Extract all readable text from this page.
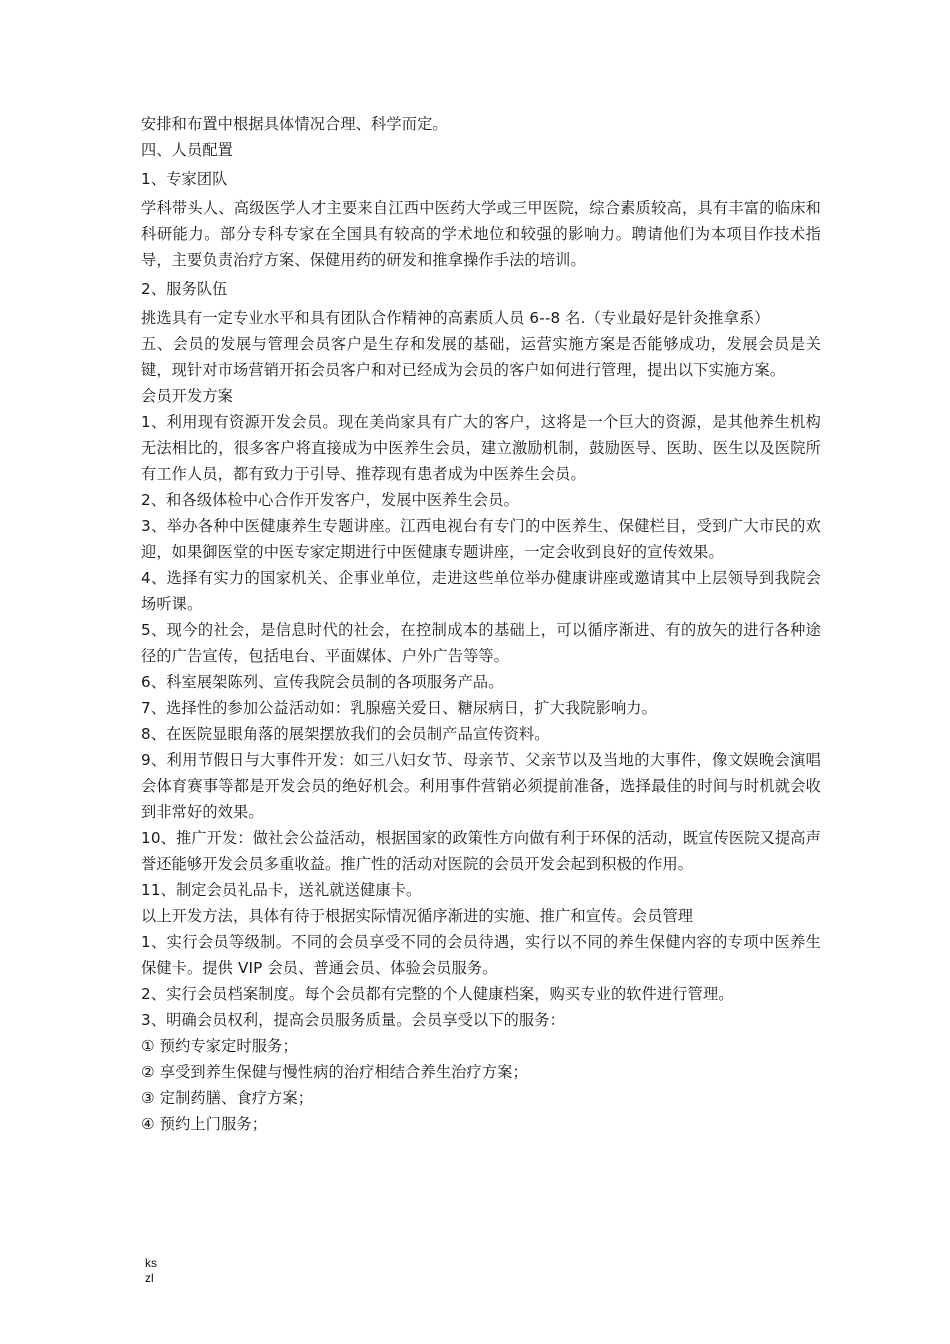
安排和布置中根据具体情况合理、科学而定。
四、人员配置
1、专家团队
学科带头人、高级医学人才主要来自江西中医药大学或三甲医院，综合素质较高，具有丰富的临床和科研能力。部分专科专家在全国具有较高的学术地位和较强的影响力。聘请他们为本项目作技术指导，主要负责治疗方案、保健用药的研发和推拿操作手法的培训。
2、服务队伍
挑选具有一定专业水平和具有团队合作精神的高素质人员 6--8 名.（专业最好是针灸推拿系）
五、会员的发展与管理会员客户是生存和发展的基础，运营实施方案是否能够成功，发展会员是关键，现针对市场营销开拓会员客户和对已经成为会员的客户如何进行管理，提出以下实施方案。
会员开发方案
1、利用现有资源开发会员。现在美尚家具有广大的客户，这将是一个巨大的资源，是其他养生机构无法相比的，很多客户将直接成为中医养生会员，建立激励机制，鼓励医导、医助、医生以及医院所有工作人员，都有致力于引导、推荐现有患者成为中医养生会员。
2、和各级体检中心合作开发客户，发展中医养生会员。
3、举办各种中医健康养生专题讲座。江西电视台有专门的中医养生、保健栏目，受到广大市民的欢迎，如果御医堂的中医专家定期进行中医健康专题讲座，一定会收到良好的宣传效果。
4、选择有实力的国家机关、企事业单位，走进这些单位举办健康讲座或邀请其中上层领导到我院会场听课。
5、现今的社会，是信息时代的社会，在控制成本的基础上，可以循序渐进、有的放矢的进行各种途径的广告宣传，包括电台、平面媒体、户外广告等等。
6、科室展架陈列、宣传我院会员制的各项服务产品。
7、选择性的参加公益活动如：乳腺癌关爱日、糖尿病日，扩大我院影响力。
8、在医院显眼角落的展架摆放我们的会员制产品宣传资料。
9、利用节假日与大事件开发：如三八妇女节、母亲节、父亲节以及当地的大事件，像文娱晚会演唱会体育赛事等都是开发会员的绝好机会。利用事件营销必须提前准备，选择最佳的时间与时机就会收到非常好的效果。
10、推广开发：做社会公益活动，根据国家的政策性方向做有利于环保的活动，既宣传医院又提高声誉还能够开发会员多重收益。推广性的活动对医院的会员开发会起到积极的作用。
11、制定会员礼品卡，送礼就送健康卡。
以上开发方法，具体有待于根据实际情况循序渐进的实施、推广和宣传。会员管理
1、实行会员等级制。不同的会员享受不同的会员待遇，实行以不同的养生保健内容的专项中医养生保健卡。提供 VIP 会员、普通会员、体验会员服务。
2、实行会员档案制度。每个会员都有完整的个人健康档案，购买专业的软件进行管理。
3、明确会员权利，提高会员服务质量。会员享受以下的服务：
① 预约专家定时服务；
② 享受到养生保健与慢性病的治疗相结合养生治疗方案；
③ 定制药膳、食疗方案；
④ 预约上门服务；
ks
zl
